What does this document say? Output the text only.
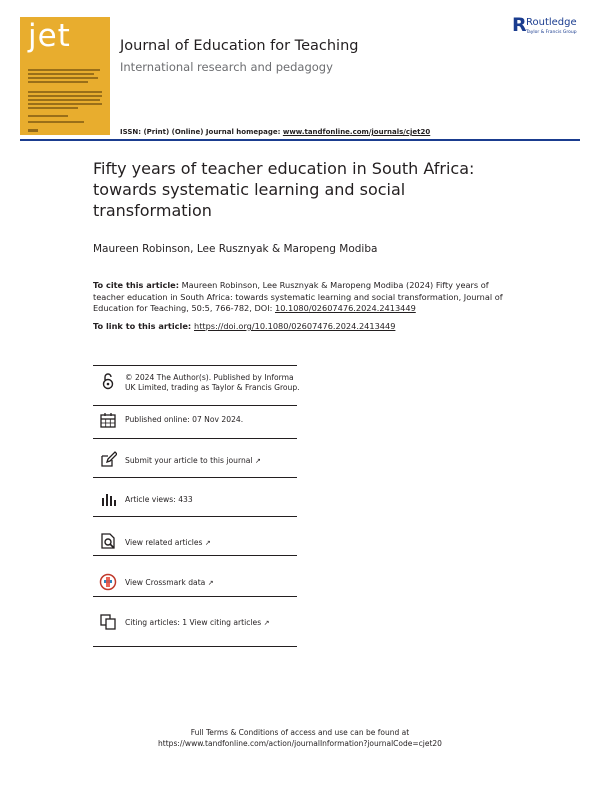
jet	Journal of Education for Teaching
International research and pedagogy
R Routledge
Taylor & Francis Group
ISSN: (Print) (Online) Journal homepage: www.tandfonline.com/journals/cjet20
Fifty years of teacher education in South Africa: towards systematic learning and social transformation
Maureen Robinson, Lee Rusznyak & Maropeng Modiba
To cite this article: Maureen Robinson, Lee Rusznyak & Maropeng Modiba (2024) Fifty years of teacher education in South Africa: towards systematic learning and social transformation, Journal of Education for Teaching, 50:5, 766-782, DOI: 10.1080/02607476.2024.2413449
To link to this article: https://doi.org/10.1080/02607476.2024.2413449
© 2024 The Author(s). Published by Informa UK Limited, trading as Taylor & Francis Group.
Published online: 07 Nov 2024.
Submit your article to this journal ↗
Article views: 433
View related articles ↗
View Crossmark data ↗
Citing articles: 1 View citing articles ↗
Full Terms & Conditions of access and use can be found at
https://www.tandfonline.com/action/journalInformation?journalCode=cjet20
